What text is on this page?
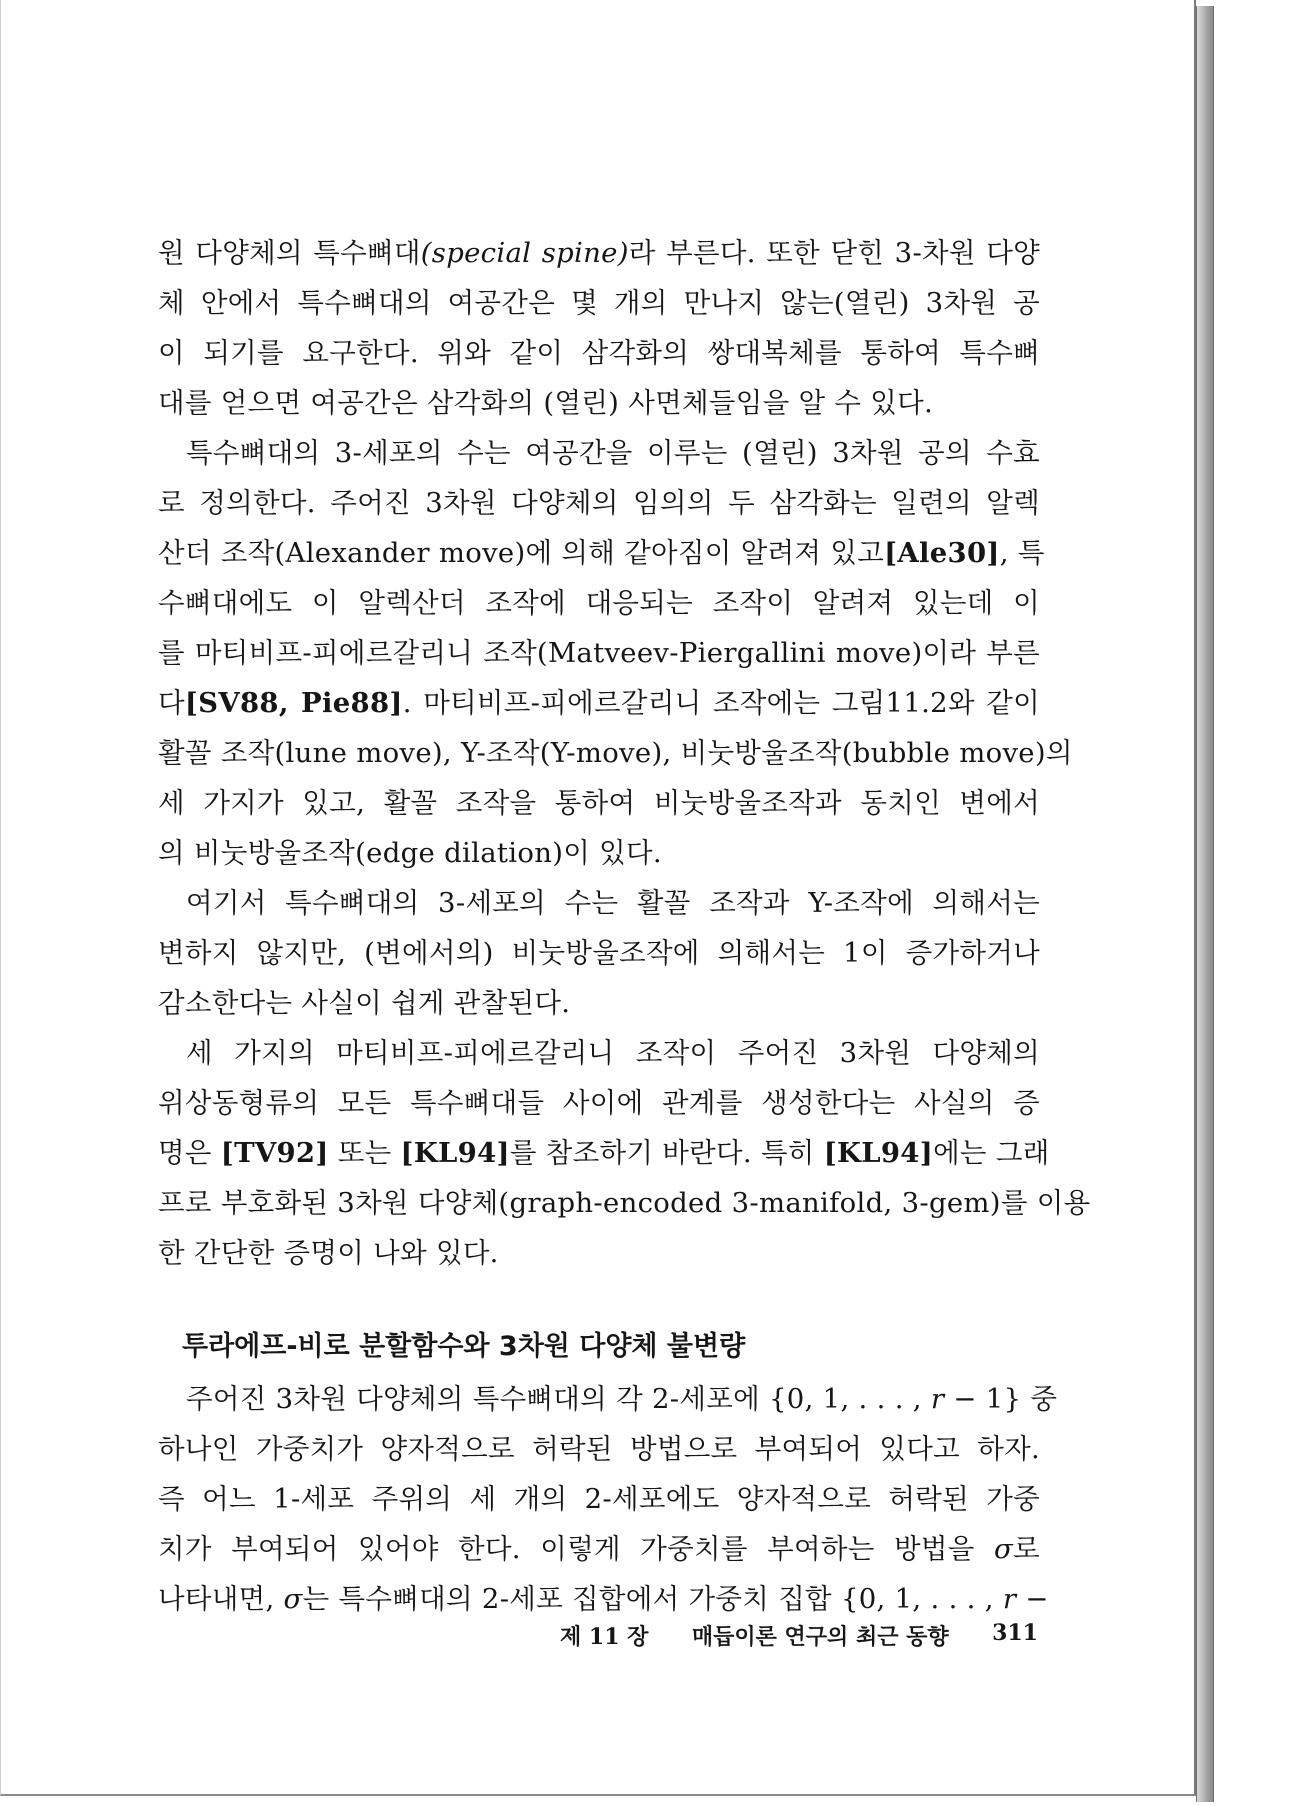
원 다양체의 특수뼈대(special spine)라 부른다. 또한 닫힌 3-차원 다양
체 안에서 특수뼈대의 여공간은 몇 개의 만나지 않는(열린) 3차원 공
이 되기를 요구한다. 위와 같이 삼각화의 쌍대복체를 통하여 특수뼈
대를 얻으면 여공간은 삼각화의 (열린) 사면체들임을 알 수 있다.
특수뼈대의 3-세포의 수는 여공간을 이루는 (열린) 3차원 공의 수효
로 정의한다. 주어진 3차원 다양체의 임의의 두 삼각화는 일련의 알렉
산더 조작(Alexander move)에 의해 같아짐이 알려져 있고[Ale30], 특
수뼈대에도 이 알렉산더 조작에 대응되는 조작이 알려져 있는데 이
를 마티비프-피에르갈리니 조작(Matveev-Piergallini move)이라 부른
다[SV88, Pie88]. 마티비프-피에르갈리니 조작에는 그림11.2와 같이
활꼴 조작(lune move), Y-조작(Y-move), 비눗방울조작(bubble move)의
세 가지가 있고, 활꼴 조작을 통하여 비눗방울조작과 동치인 변에서
의 비눗방울조작(edge dilation)이 있다.
여기서 특수뼈대의 3-세포의 수는 활꼴 조작과 Y-조작에 의해서는
변하지 않지만, (변에서의) 비눗방울조작에 의해서는 1이 증가하거나
감소한다는 사실이 쉽게 관찰된다.
세 가지의 마티비프-피에르갈리니 조작이 주어진 3차원 다양체의
위상동형류의 모든 특수뼈대들 사이에 관계를 생성한다는 사실의 증
명은 [TV92] 또는 [KL94]를 참조하기 바란다. 특히 [KL94]에는 그래
프로 부호화된 3차원 다양체(graph-encoded 3-manifold, 3-gem)를 이용
한 간단한 증명이 나와 있다.
투라에프-비로 분할함수와 3차원 다양체 불변량
주어진 3차원 다양체의 특수뼈대의 각 2-세포에 {0, 1, . . . , r − 1} 중
하나인 가중치가 양자적으로 허락된 방법으로 부여되어 있다고 하자.
즉 어느 1-세포 주위의 세 개의 2-세포에도 양자적으로 허락된 가중
치가 부여되어 있어야 한다. 이렇게 가중치를 부여하는 방법을 σ로
나타내면, σ는 특수뼈대의 2-세포 집합에서 가중치 집합 {0, 1, . . . , r −
제 11 장 매듭이론 연구의 최근 동향 311
